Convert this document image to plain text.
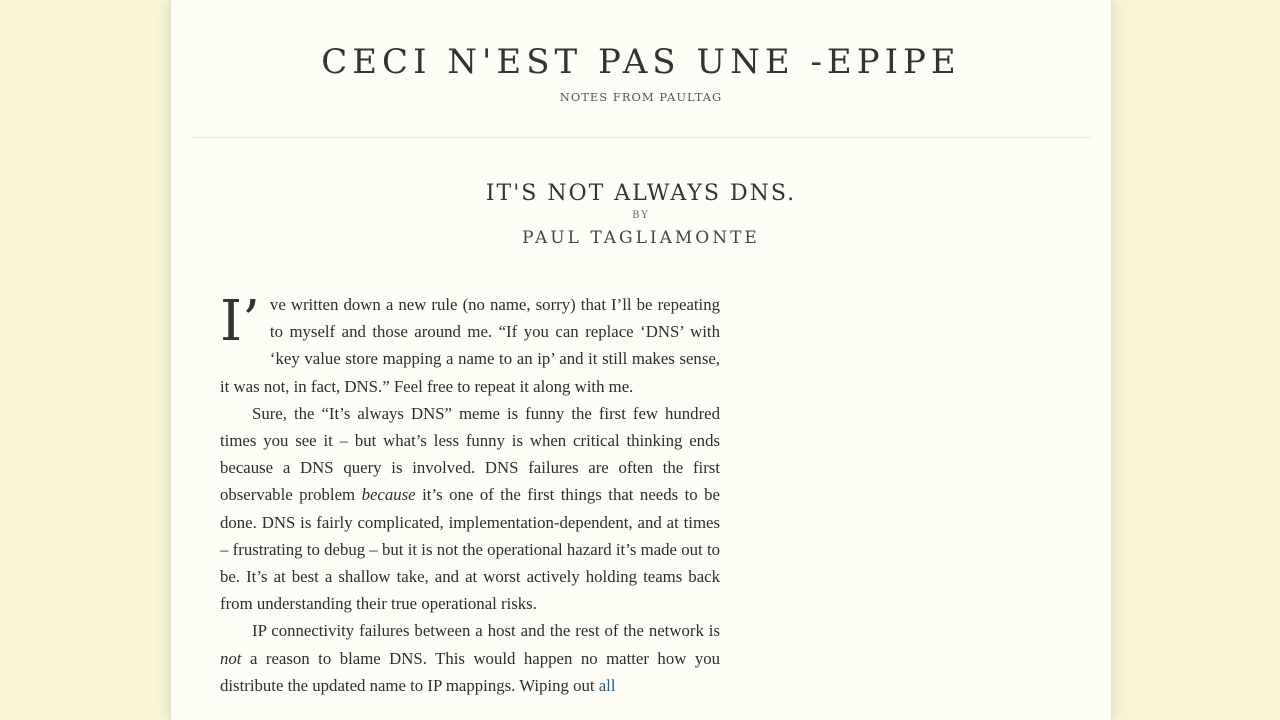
CECI N'EST PAS UNE -EPIPE
NOTES FROM PAULTAG
IT'S NOT ALWAYS DNS.
BY
PAUL TAGLIAMONTE

I’ ve written down a new rule (no name, sorry) that I’ll be repeating to myself and those around me. “If you can replace ‘DNS’ with ‘key value store mapping a name to an ip’ and it still makes sense, it was not, in fact, DNS.” Feel free to repeat it along with me.

Sure, the “It’s always DNS” meme is funny the first few hundred times you see it – but what’s less funny is when critical thinking ends because a DNS query is involved. DNS failures are often the first observable problem because it’s one of the first things that needs to be done. DNS is fairly complicated, implementation-dependent, and at times – frustrating to debug – but it is not the operational hazard it’s made out to be. It’s at best a shallow take, and at worst actively holding teams back from understanding their true operational risks.

IP connectivity failures between a host and the rest of the network is not a reason to blame DNS. This would happen no matter how you distribute the updated name to IP mappings. Wiping out all
